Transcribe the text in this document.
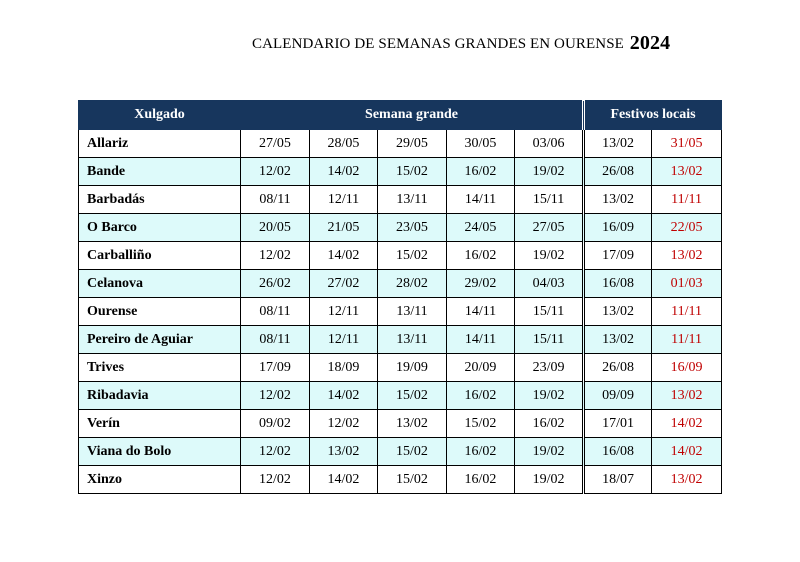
CALENDARIO DE SEMANAS GRANDES EN OURENSE 2024
Xulgado	Semana grande					Festivos locais	
Allariz	27/05	28/05	29/05	30/05	03/06	13/02	31/05
Bande	12/02	14/02	15/02	16/02	19/02	26/08	13/02
Barbadás	08/11	12/11	13/11	14/11	15/11	13/02	11/11
O Barco	20/05	21/05	23/05	24/05	27/05	16/09	22/05
Carballiño	12/02	14/02	15/02	16/02	19/02	17/09	13/02
Celanova	26/02	27/02	28/02	29/02	04/03	16/08	01/03
Ourense	08/11	12/11	13/11	14/11	15/11	13/02	11/11
Pereiro de Aguiar	08/11	12/11	13/11	14/11	15/11	13/02	11/11
Trives	17/09	18/09	19/09	20/09	23/09	26/08	16/09
Ribadavia	12/02	14/02	15/02	16/02	19/02	09/09	13/02
Verín	09/02	12/02	13/02	15/02	16/02	17/01	14/02
Viana do Bolo	12/02	13/02	15/02	16/02	19/02	16/08	14/02
Xinzo	12/02	14/02	15/02	16/02	19/02	18/07	13/02
